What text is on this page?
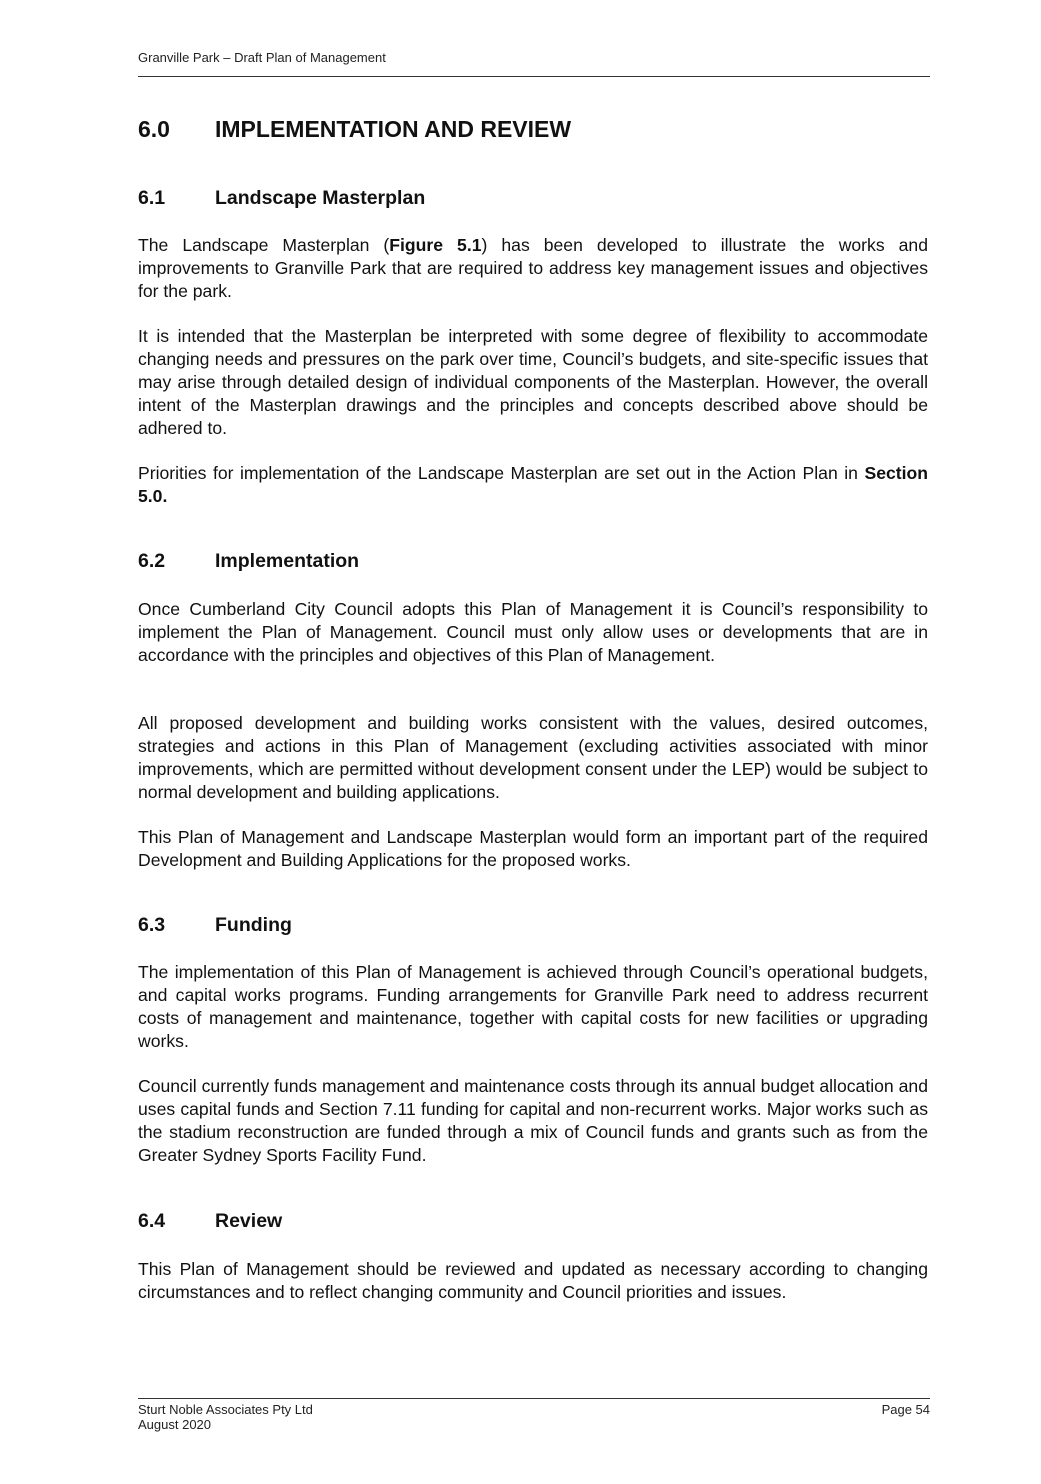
Granville Park – Draft Plan of Management
6.0 IMPLEMENTATION AND REVIEW
6.1	Landscape Masterplan

The Landscape Masterplan (Figure 5.1) has been developed to illustrate the works and improvements to Granville Park that are required to address key management issues and objectives for the park.

It is intended that the Masterplan be interpreted with some degree of flexibility to accommodate changing needs and pressures on the park over time, Council’s budgets, and site-specific issues that may arise through detailed design of individual components of the Masterplan. However, the overall intent of the Masterplan drawings and the principles and concepts described above should be adhered to.

Priorities for implementation of the Landscape Masterplan are set out in the Action Plan in Section 5.0.

6.2	Implementation

Once Cumberland City Council adopts this Plan of Management it is Council’s responsibility to implement the Plan of Management. Council must only allow uses or developments that are in accordance with the principles and objectives of this Plan of Management.

All proposed development and building works consistent with the values, desired outcomes, strategies and actions in this Plan of Management (excluding activities associated with minor improvements, which are permitted without development consent under the LEP) would be subject to normal development and building applications.

This Plan of Management and Landscape Masterplan would form an important part of the required Development and Building Applications for the proposed works.

6.3	Funding

The implementation of this Plan of Management is achieved through Council’s operational budgets, and capital works programs. Funding arrangements for Granville Park need to address recurrent costs of management and maintenance, together with capital costs for new facilities or upgrading works.

Council currently funds management and maintenance costs through its annual budget allocation and uses capital funds and Section 7.11 funding for capital and non-recurrent works. Major works such as the stadium reconstruction are funded through a mix of Council funds and grants such as from the Greater Sydney Sports Facility Fund.

6.4	Review

This Plan of Management should be reviewed and updated as necessary according to changing circumstances and to reflect changing community and Council priorities and issues.

Sturt Noble Associates Pty Ltd
August 2020
Page 54
